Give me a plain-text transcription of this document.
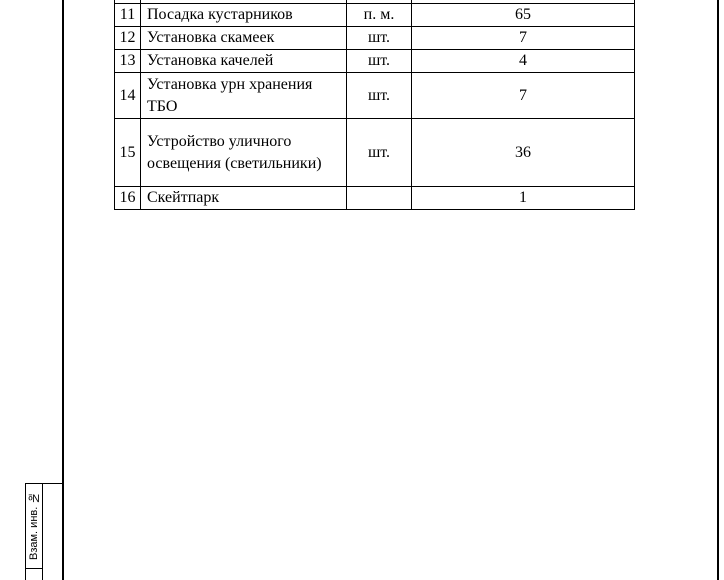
Взам. инв. №

11	Посадка кустарников	п. м.	65
12	Установка скамеек	шт.	7
13	Установка качелей	шт.	4
14	Установка урн хранения ТБО	шт.	7
15	Устройство уличного освещения (светильники)	шт.	36
16	Скейтпарк		1
